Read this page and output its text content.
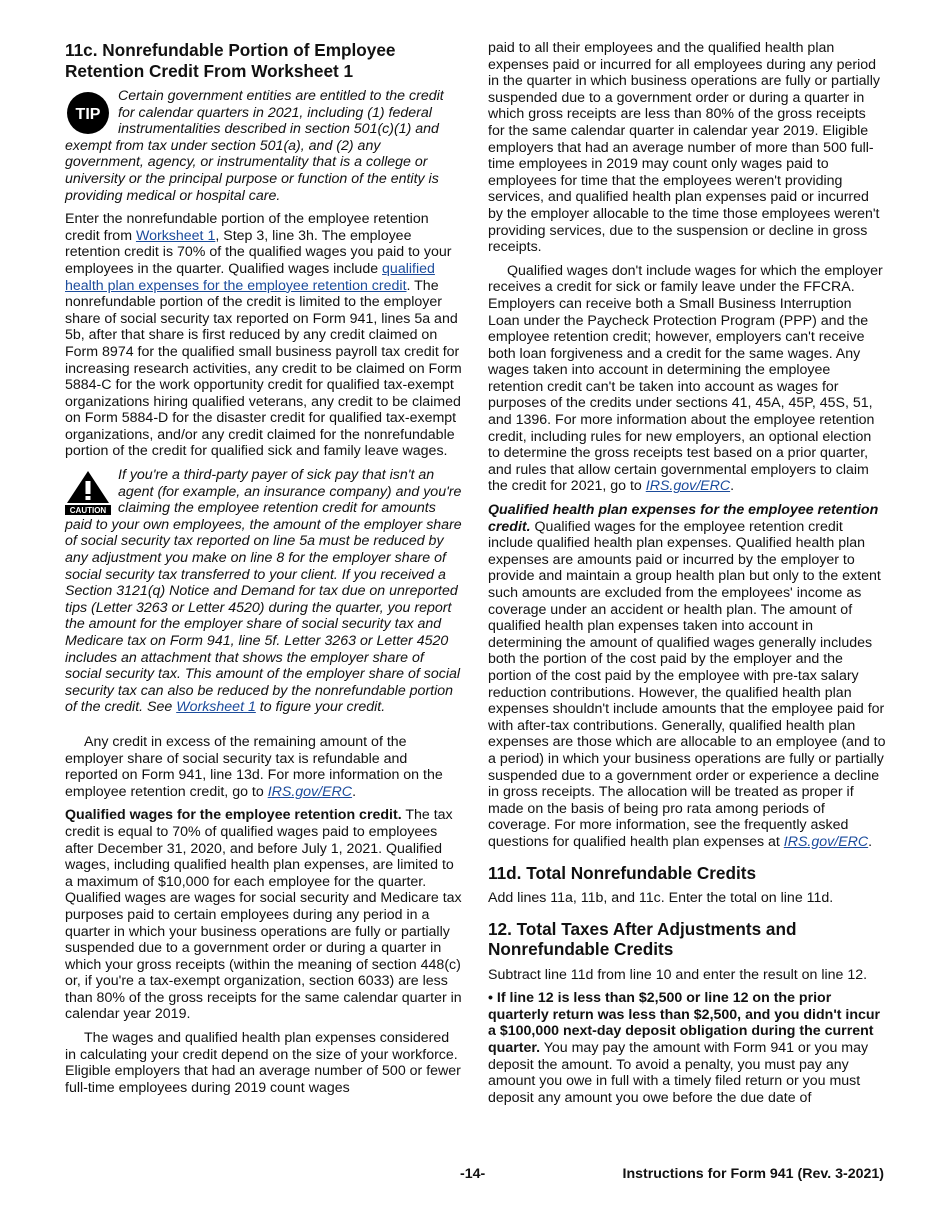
11c. Nonrefundable Portion of Employee Retention Credit From Worksheet 1
TIP
Certain government entities are entitled to the credit for calendar quarters in 2021, including (1) federal instrumentalities described in section 501(c)(1) and exempt from tax under section 501(a), and (2) any government, agency, or instrumentality that is a college or university or the principal purpose or function of the entity is providing medical or hospital care.

Enter the nonrefundable portion of the employee retention credit from Worksheet 1, Step 3, line 3h. The employee retention credit is 70% of the qualified wages you paid to your employees in the quarter. Qualified wages include qualified health plan expenses for the employee retention credit. The nonrefundable portion of the credit is limited to the employer share of social security tax reported on Form 941, lines 5a and 5b, after that share is first reduced by any credit claimed on Form 8974 for the qualified small business payroll tax credit for increasing research activities, any credit to be claimed on Form 5884-C for the work opportunity credit for qualified tax-exempt organizations hiring qualified veterans, any credit to be claimed on Form 5884-D for the disaster credit for qualified tax-exempt organizations, and/or any credit claimed for the nonrefundable portion of the credit for qualified sick and family leave wages.

CAUTION
If you're a third-party payer of sick pay that isn't an agent (for example, an insurance company) and you're claiming the employee retention credit for amounts paid to your own employees, the amount of the employer share of social security tax reported on line 5a must be reduced by any adjustment you make on line 8 for the employer share of social security tax transferred to your client. If you received a Section 3121(q) Notice and Demand for tax due on unreported tips (Letter 3263 or Letter 4520) during the quarter, you report the amount for the employer share of social security tax and Medicare tax on Form 941, line 5f. Letter 3263 or Letter 4520 includes an attachment that shows the employer share of social security tax. This amount of the employer share of social security tax can also be reduced by the nonrefundable portion of the credit. See Worksheet 1 to figure your credit.

Any credit in excess of the remaining amount of the employer share of social security tax is refundable and reported on Form 941, line 13d. For more information on the employee retention credit, go to IRS.gov/ERC.

Qualified wages for the employee retention credit. The tax credit is equal to 70% of qualified wages paid to employees after December 31, 2020, and before July 1, 2021. Qualified wages, including qualified health plan expenses, are limited to a maximum of $10,000 for each employee for the quarter. Qualified wages are wages for social security and Medicare tax purposes paid to certain employees during any period in a quarter in which your business operations are fully or partially suspended due to a government order or during a quarter in which your gross receipts (within the meaning of section 448(c) or, if you're a tax-exempt organization, section 6033) are less than 80% of the gross receipts for the same calendar quarter in calendar year 2019.

The wages and qualified health plan expenses considered in calculating your credit depend on the size of your workforce. Eligible employers that had an average number of 500 or fewer full-time employees during 2019 count wages

paid to all their employees and the qualified health plan expenses paid or incurred for all employees during any period in the quarter in which business operations are fully or partially suspended due to a government order or during a quarter in which gross receipts are less than 80% of the gross receipts for the same calendar quarter in calendar year 2019. Eligible employers that had an average number of more than 500 full-time employees in 2019 may count only wages paid to employees for time that the employees weren't providing services, and qualified health plan expenses paid or incurred by the employer allocable to the time those employees weren't providing services, due to the suspension or decline in gross receipts.

Qualified wages don't include wages for which the employer receives a credit for sick or family leave under the FFCRA. Employers can receive both a Small Business Interruption Loan under the Paycheck Protection Program (PPP) and the employee retention credit; however, employers can't receive both loan forgiveness and a credit for the same wages. Any wages taken into account in determining the employee retention credit can't be taken into account as wages for purposes of the credits under sections 41, 45A, 45P, 45S, 51, and 1396. For more information about the employee retention credit, including rules for new employers, an optional election to determine the gross receipts test based on a prior quarter, and rules that allow certain governmental employers to claim the credit for 2021, go to IRS.gov/ERC.

Qualified health plan expenses for the employee retention credit. Qualified wages for the employee retention credit include qualified health plan expenses. Qualified health plan expenses are amounts paid or incurred by the employer to provide and maintain a group health plan but only to the extent such amounts are excluded from the employees' income as coverage under an accident or health plan. The amount of qualified health plan expenses taken into account in determining the amount of qualified wages generally includes both the portion of the cost paid by the employer and the portion of the cost paid by the employee with pre-tax salary reduction contributions. However, the qualified health plan expenses shouldn't include amounts that the employee paid for with after-tax contributions. Generally, qualified health plan expenses are those which are allocable to an employee (and to a period) in which your business operations are fully or partially suspended due to a government order or experience a decline in gross receipts. The allocation will be treated as proper if made on the basis of being pro rata among periods of coverage. For more information, see the frequently asked questions for qualified health plan expenses at IRS.gov/ERC.

11d. Total Nonrefundable Credits

Add lines 11a, 11b, and 11c. Enter the total on line 11d.

12. Total Taxes After Adjustments and Nonrefundable Credits

Subtract line 11d from line 10 and enter the result on line 12.

• If line 12 is less than $2,500 or line 12 on the prior quarterly return was less than $2,500, and you didn't incur a $100,000 next-day deposit obligation during the current quarter. You may pay the amount with Form 941 or you may deposit the amount. To avoid a penalty, you must pay any amount you owe in full with a timely filed return or you must deposit any amount you owe before the due date of

-14-	Instructions for Form 941 (Rev. 3-2021)
